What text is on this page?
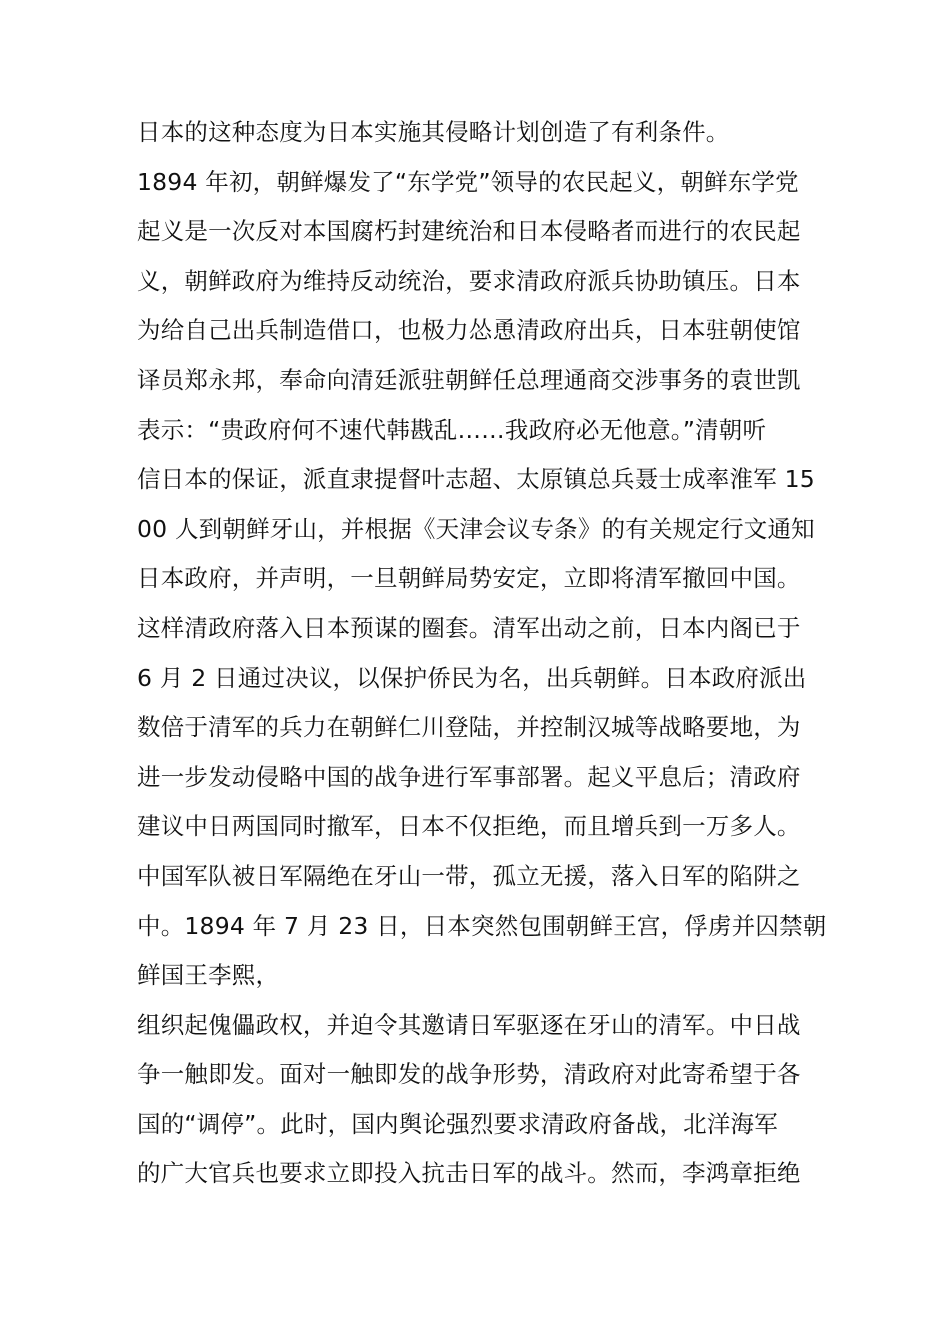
日本的这种态度为日本实施其侵略计划创造了有利条件。
1894 年初，朝鲜爆发了“东学党”领导的农民起义，朝鲜东学党
起义是一次反对本国腐朽封建统治和日本侵略者而进行的农民起
义，朝鲜政府为维持反动统治，要求清政府派兵协助镇压。日本
为给自己出兵制造借口，也极力怂恿清政府出兵，日本驻朝使馆
译员郑永邦，奉命向清廷派驻朝鲜任总理通商交涉事务的袁世凯
表示：“贵政府何不速代韩戡乱……我政府必无他意。”清朝听
信日本的保证，派直隶提督叶志超、太原镇总兵聂士成率淮军 15
00 人到朝鲜牙山，并根据《天津会议专条》的有关规定行文通知
日本政府，并声明，一旦朝鲜局势安定，立即将清军撤回中国。
这样清政府落入日本预谋的圈套。清军出动之前，日本内阁已于
6 月 2 日通过决议，以保护侨民为名，出兵朝鲜。日本政府派出
数倍于清军的兵力在朝鲜仁川登陆，并控制汉城等战略要地，为
进一步发动侵略中国的战争进行军事部署。起义平息后；清政府
建议中日两国同时撤军，日本不仅拒绝，而且增兵到一万多人。
中国军队被日军隔绝在牙山一带，孤立无援，落入日军的陷阱之
中。1894 年 7 月 23 日，日本突然包围朝鲜王宫，俘虏并囚禁朝
鲜国王李熙，
组织起傀儡政权，并迫令其邀请日军驱逐在牙山的清军。中日战
争一触即发。面对一触即发的战争形势，清政府对此寄希望于各
国的“调停”。此时，国内舆论强烈要求清政府备战，北洋海军
的广大官兵也要求立即投入抗击日军的战斗。然而，李鸿章拒绝
